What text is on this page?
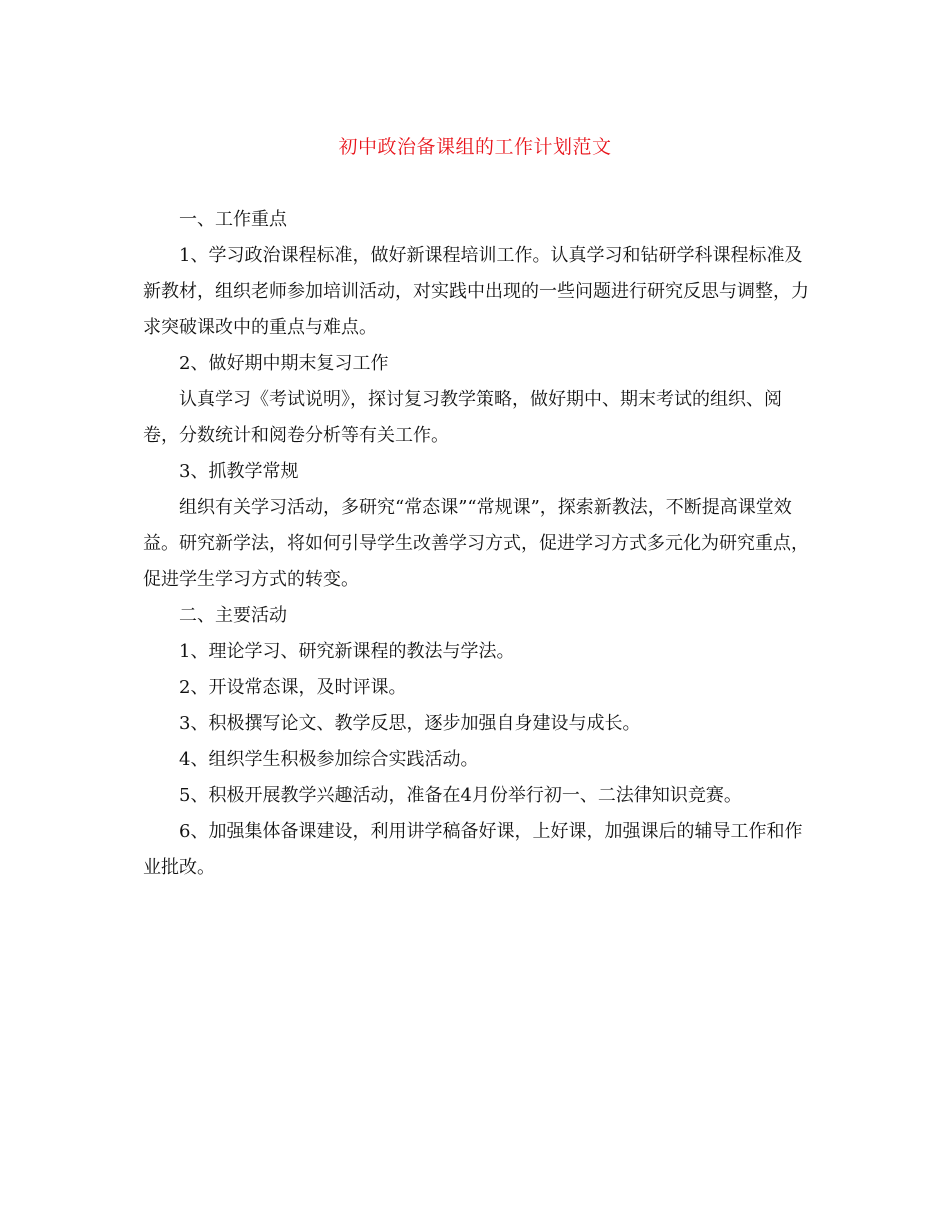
初中政治备课组的工作计划范文

一、工作重点

1、学习政治课程标准，做好新课程培训工作。认真学习和钻研学科课程标准及新教材，组织老师参加培训活动，对实践中出现的一些问题进行研究反思与调整，力求突破课改中的重点与难点。

2、做好期中期末复习工作

认真学习《考试说明》，探讨复习教学策略，做好期中、期末考试的组织、阅卷，分数统计和阅卷分析等有关工作。

3、抓教学常规

组织有关学习活动，多研究“常态课”“常规课”，探索新教法，不断提高课堂效益。研究新学法，将如何引导学生改善学习方式，促进学习方式多元化为研究重点，促进学生学习方式的转变。

二、主要活动

1、理论学习、研究新课程的教法与学法。

2、开设常态课，及时评课。

3、积极撰写论文、教学反思，逐步加强自身建设与成长。

4、组织学生积极参加综合实践活动。

5、积极开展教学兴趣活动，准备在4月份举行初一、二法律知识竞赛。

6、加强集体备课建设，利用讲学稿备好课，上好课，加强课后的辅导工作和作业批改。
